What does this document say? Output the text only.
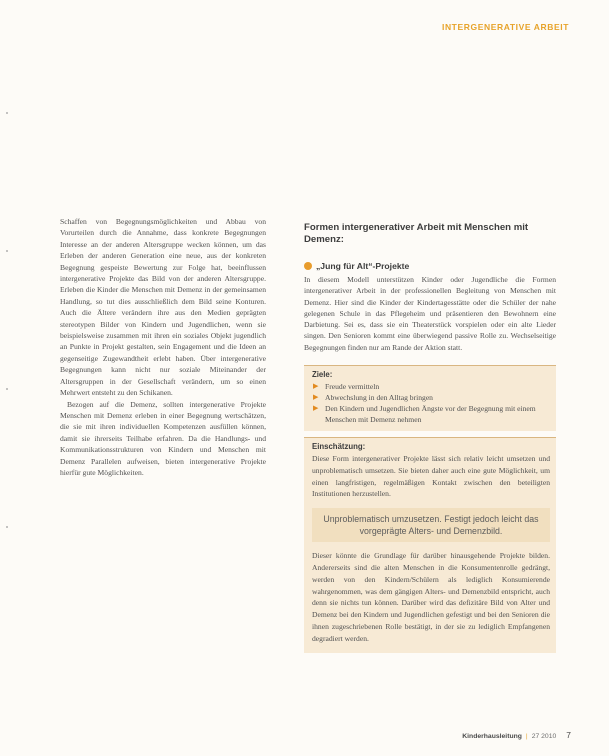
INTERGENERATIVE ARBEIT

Schaffen von Begegnungsmöglichkeiten und Abbau von Vorurteilen durch die Annahme, dass konkrete Begegnungen Interesse an der anderen Altersgruppe wecken können, um das Erleben der anderen Generation eine neue, aus der konkreten Begegnung gespeiste Bewertung zur Folge hat, beeinflussen intergenerative Projekte das Bild von der anderen Altersgruppe. Erleben die Kinder die Menschen mit Demenz in der gemeinsamen Handlung, so tut dies ausschließlich dem Bild seine Konturen. Auch die Ältere verändern ihre aus den Medien geprägten stereotypen Bilder von Kindern und Jugendlichen, wenn sie beispielsweise zusammen mit ihren ein soziales Objekt jugendlich an Punkte in Projekt gestalten, sein Engagement und die Ideen an gegenseitige Zugewandtheit erlebt haben. Über intergenerative Begegnungen kann nicht nur soziale Miteinander der Altersgruppen in der Gesellschaft verändern, um so einen Mehrwert entsteht zu den Schikanen.

Bezogen auf die Demenz, sollten intergenerative Projekte Menschen mit Demenz erleben in einer Begegnung wertschätzen, die sie mit ihren individuellen Kompetenzen ausfüllen können, damit sie ihrerseits Teilhabe erfahren. Da die Handlungs- und Kommunikationsstrukturen von Kindern und Menschen mit Demenz Parallelen aufweisen, bieten intergenerative Projekte hierfür gute Möglichkeiten.

Formen intergenerativer Arbeit mit Menschen mit Demenz:
„Jung für Alt“-Projekte

In diesem Modell unterstützen Kinder oder Jugendliche die Formen intergenerativer Arbeit in der professionellen Begleitung von Menschen mit Demenz. Hier sind die Kinder der Kindertagesstätte oder die Schüler der nahe gelegenen Schule in das Pflegeheim und präsentieren den Bewohnern eine Darbietung. Sei es, dass sie ein Theaterstück vorspielen oder ein alte Lieder singen. Den Senioren kommt eine überwiegend passive Rolle zu. Wechselseitige Begegnungen finden nur am Rande der Aktion statt.

Ziele:
▶ Freude vermitteln
▶ Abwechslung in den Alltag bringen
▶ Den Kindern und Jugendlichen Ängste vor der Begegnung mit einem Menschen mit Demenz nehmen
Einschätzung:

Diese Form intergenerativer Projekte lässt sich relativ leicht umsetzen und unproblematisch umsetzen. Sie bieten daher auch eine gute Möglichkeit, um einen langfristigen, regelmäßigen Kontakt zwischen den beteiligten Institutionen herzustellen.

Unproblematisch umzusetzen. Festigt jedoch leicht das vorgeprägte Alters- und Demenzbild.

Dieser könnte die Grundlage für darüber hinausgehende Projekte bilden. Andererseits sind die alten Menschen in die Konsumentenrolle gedrängt, werden von den Kindern/Schülern als lediglich Konsumierende wahrgenommen, was dem gängigen Alters- und Demenzbild entspricht, auch denn sie nichts tun können. Darüber wird das defizitäre Bild von Alter und Demenz bei den Kindern und Jugendlichen gefestigt und bei den Senioren die ihnen zugeschriebenen Rolle bestätigt, in der sie zu lediglich Empfangenen degradiert werden.

Kinderhausleitung | 27 2010 7
